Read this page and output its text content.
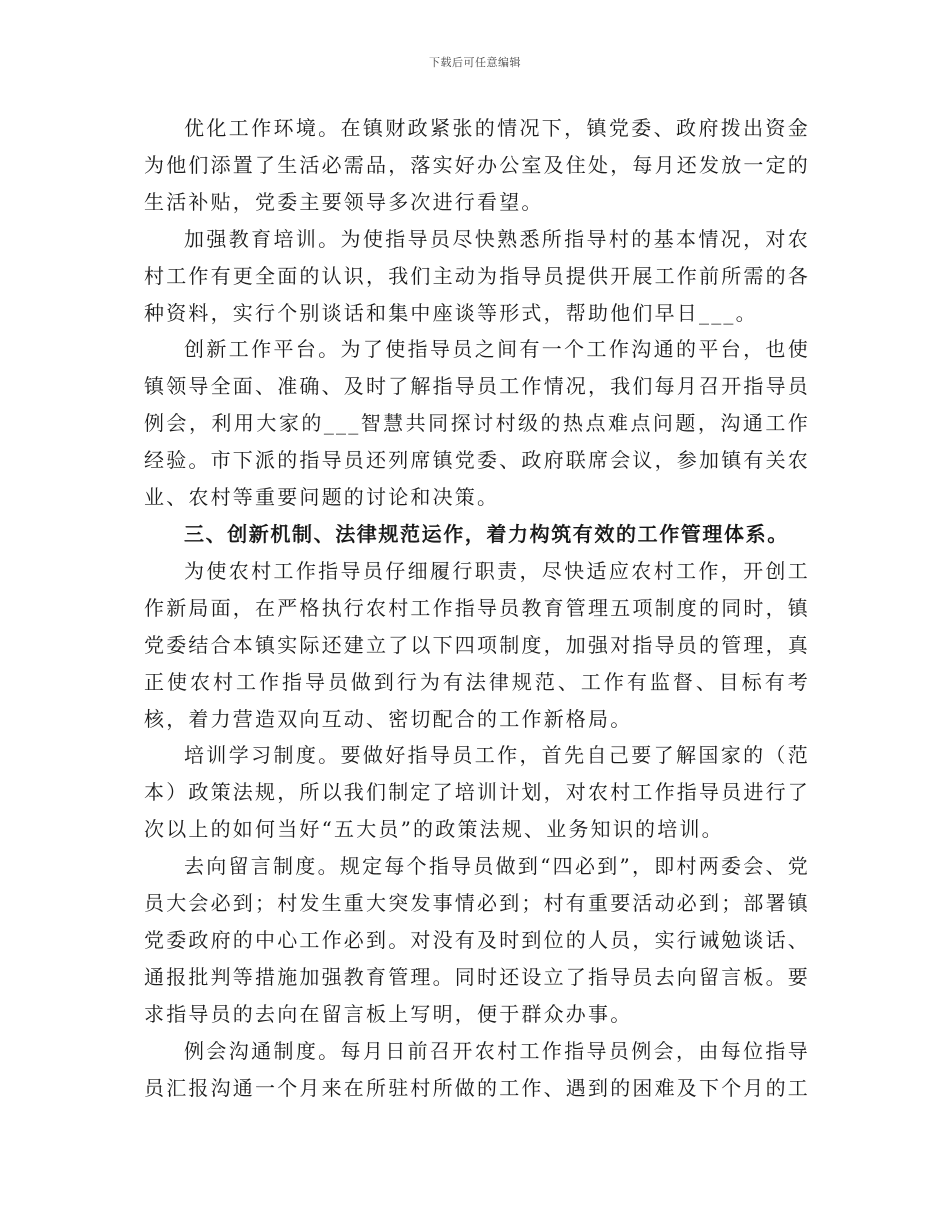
下载后可任意编辑

优化工作环境。在镇财政紧张的情况下，镇党委、政府拨出资金为他们添置了生活必需品，落实好办公室及住处，每月还发放一定的生活补贴，党委主要领导多次进行看望。

加强教育培训。为使指导员尽快熟悉所指导村的基本情况，对农村工作有更全面的认识，我们主动为指导员提供开展工作前所需的各种资料，实行个别谈话和集中座谈等形式，帮助他们早日___。

创新工作平台。为了使指导员之间有一个工作沟通的平台，也使镇领导全面、准确、及时了解指导员工作情况，我们每月召开指导员例会，利用大家的___智慧共同探讨村级的热点难点问题，沟通工作经验。市下派的指导员还列席镇党委、政府联席会议，参加镇有关农业、农村等重要问题的讨论和决策。

三、创新机制、法律规范运作，着力构筑有效的工作管理体系。

为使农村工作指导员仔细履行职责，尽快适应农村工作，开创工作新局面，在严格执行农村工作指导员教育管理五项制度的同时，镇党委结合本镇实际还建立了以下四项制度，加强对指导员的管理，真正使农村工作指导员做到行为有法律规范、工作有监督、目标有考核，着力营造双向互动、密切配合的工作新格局。

培训学习制度。要做好指导员工作，首先自己要了解国家的（范本）政策法规，所以我们制定了培训计划，对农村工作指导员进行了次以上的如何当好“五大员”的政策法规、业务知识的培训。

去向留言制度。规定每个指导员做到“四必到”，即村两委会、党员大会必到；村发生重大突发事情必到；村有重要活动必到；部署镇党委政府的中心工作必到。对没有及时到位的人员，实行诫勉谈话、通报批判等措施加强教育管理。同时还设立了指导员去向留言板。要求指导员的去向在留言板上写明，便于群众办事。

例会沟通制度。每月日前召开农村工作指导员例会，由每位指导员汇报沟通一个月来在所驻村所做的工作、遇到的困难及下个月的工
